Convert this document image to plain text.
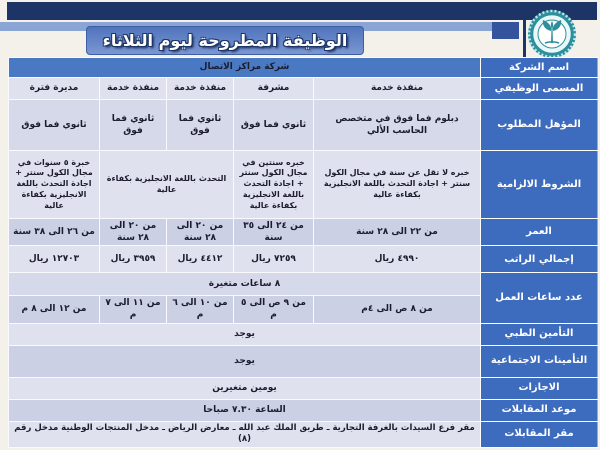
الوظيفة المطروحة ليوم الثلاثاء
اسم الشركة	شركة مراكز الاتصال				
المسمى الوظيفي	منفذة خدمة	مشرفة	منفذة خدمة	منفذة خدمة	مديرة فترة
المؤهل المطلوب	دبلوم فما فوق في متخصص الحاسب الألي	ثانوي فما فوق	ثانوي فما فوق	ثانوي فما فوق	ثانوي فما فوق
الشروط الالزامية	خبره لا تقل عن سنة في مجال الكول سنتر + اجادة التحدث باللغة الانجليزية بكفاءة عالية	خبره سنتين في مجال الكول سنتر + اجادة التحدث باللغة الانجليزية بكفاءة عالية	التحدث باللغة الانجليزية بكفاءة عالية		خبرة ٥ سنوات في مجال الكول سنتر + اجادة التحدث باللغة الانجليزية بكفاءة عالية
العمر	من ٢٢ الى ٢٨ سنة	من ٢٤ الى ٣٥ سنة	من ٢٠ الى ٢٨ سنة	من ٢٠ الى ٢٨ سنة	من ٢٦ الى ٣٨ سنة
إجمالي الراتب	٤٩٩٠ ريال	٧٢٥٩ ريال	٤٤١٢ ريال	٣٩٥٩ ريال	١٢٧٠٣ ريال
عدد ساعات العمل	٨ ساعات متغيرة				
	من ٨ ص الى ٤م	من ٩ ص الى ٥ م	من ١٠ الى ٦ م	من ١١ الى ٧ م	من ١٢ الى ٨ م
التأمين الطبي	يوجد				
التأمينات الاجتماعية	يوجد				
الاجازات	يومين متغيرين				
موعد المقابلات	الساعة ٧.٣٠ صباحا				
مقر المقابلات	مقر فرع السيدات بالغرفة التجارية ـ طريق الملك عبد الله ـ معارض الرياض ـ مدخل المنتجات الوطنية مدخل رقم (٨)				
